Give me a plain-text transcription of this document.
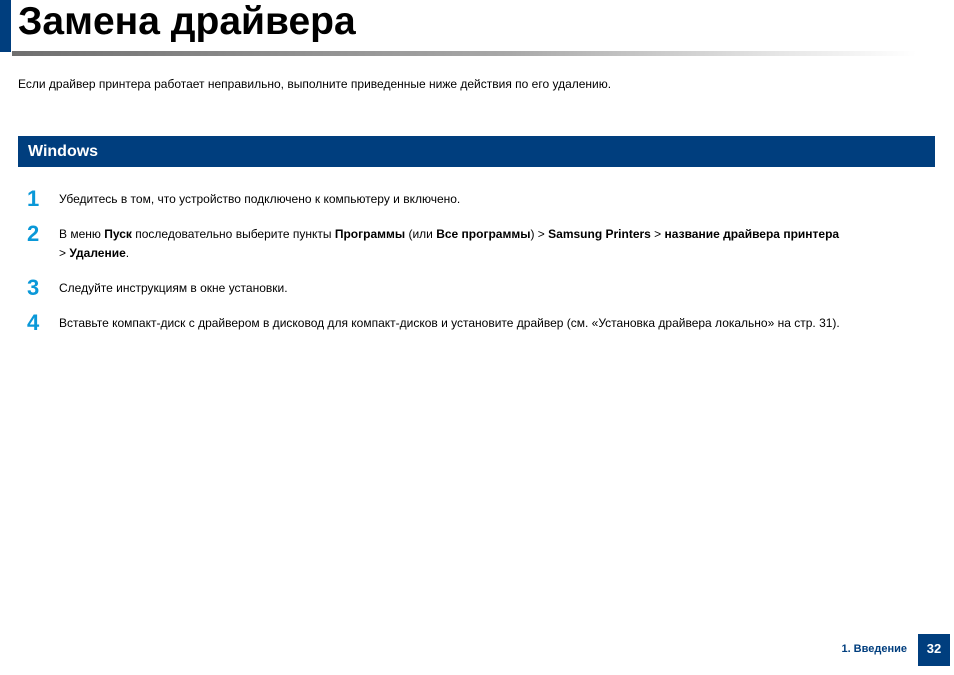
Замена драйвера
Если драйвер принтера работает неправильно, выполните приведенные ниже действия по его удалению.
Windows
1	Убедитесь в том, что устройство подключено к компьютеру и включено.
2	В меню Пуск последовательно выберите пункты Программы (или Все программы) > Samsung Printers > название драйвера принтера
> Удаление.
3	Следуйте инструкциям в окне установки.
4	Вставьте компакт-диск с драйвером в дисковод для компакт-дисков и установите драйвер (см. «Установка драйвера локально» на стр. 31).
1. Введение	32
